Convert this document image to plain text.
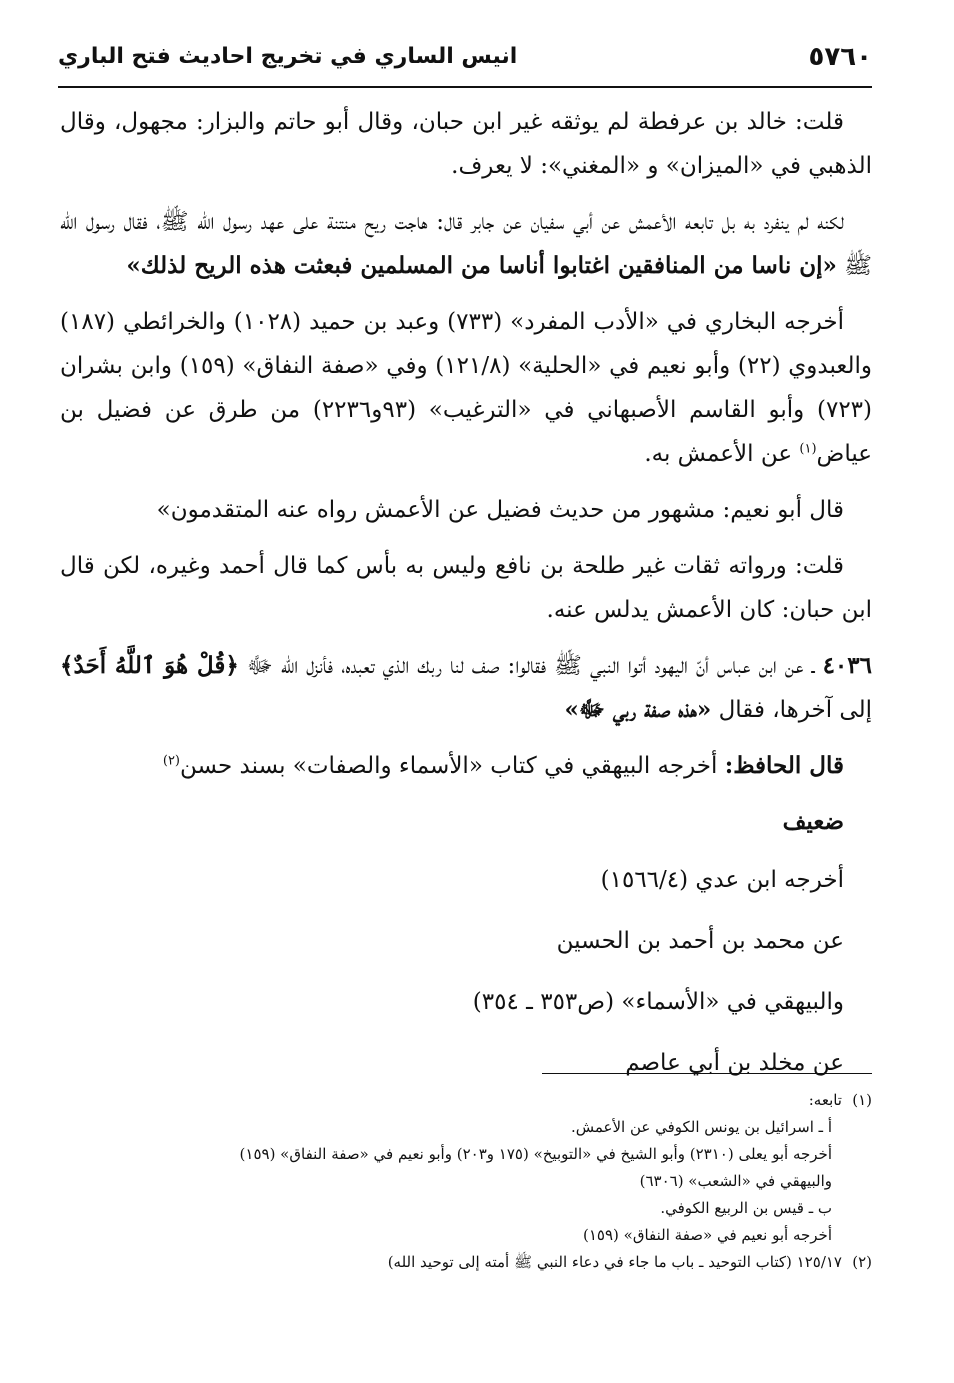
٥٧٦٠
انيس الساري في تخريج احاديث فتح الباري

قلت: خالد بن عرفطة لم يوثقه غير ابن حبان، وقال أبو حاتم والبزار: مجهول، وقال الذهبي في «الميزان» و «المغني»: لا يعرف.

لكنه لم ينفرد به بل تابعه الأعمش عن أبي سفيان عن جابر قال: هاجت ريح منتنة على عهد رسول الله ﷺ، فقال رسول الله ﷺ «إن ناسا من المنافقين اغتابوا أناسا من المسلمين فبعثت هذه الريح لذلك»

أخرجه البخاري في «الأدب المفرد» (٧٣٣) وعبد بن حميد (١٠٢٨) والخرائطي (١٨٧) والعبدوي (٢٢) وأبو نعيم في «الحلية» (١٢١/٨) وفي «صفة النفاق» (١٥٩) وابن بشران (٧٢٣) وأبو القاسم الأصبهاني في «الترغيب» (٩٣و٢٢٣٦) من طرق عن فضيل بن عياض$^{(١)}$ عن الأعمش به.

قال أبو نعيم: مشهور من حديث فضيل عن الأعمش رواه عنه المتقدمون»

قلت: ورواته ثقات غير طلحة بن نافع وليس به بأس كما قال أحمد وغيره، لكن قال ابن حبان: كان الأعمش يدلس عنه.

٤٠٣٦ ـ عن ابن عباس أنّ اليهود أتوا النبي ﷺ فقالوا: صف لنا ربك الذي تعبده، فأنزل الله ﷻ ﴿قُلْ هُوَ ٱللَّهُ أَحَدٌ﴾ إلى آخرها، فقال «هذه صفة ربي ﷻ»

قال الحافظ: أخرجه البيهقي في كتاب «الأسماء والصفات» بسند حسن$^{(٢)}$

ضعيف

أخرجه ابن عدي (١٥٦٦/٤)

عن محمد بن أحمد بن الحسين

والبيهقي في «الأسماء» (ص٣٥٣ ـ ٣٥٤)

عن مخلد بن أبي عاصم

(١)تابعه:

أ ـ اسرائيل بن يونس الكوفي عن الأعمش.

أخرجه أبو يعلى (٢٣١٠) وأبو الشيخ في «التوبيخ» (١٧٥ و٢٠٣) وأبو نعيم في «صفة النفاق» (١٥٩)

والبيهقي في «الشعب» (٦٣٠٦)

ب ـ قيس بن الربيع الكوفي.

أخرجه أبو نعيم في «صفة النفاق» (١٥٩)

(٢)١٢٥/١٧ (كتاب التوحيد ـ باب ما جاء في دعاء النبي ﷺ أمته إلى توحيد الله)
